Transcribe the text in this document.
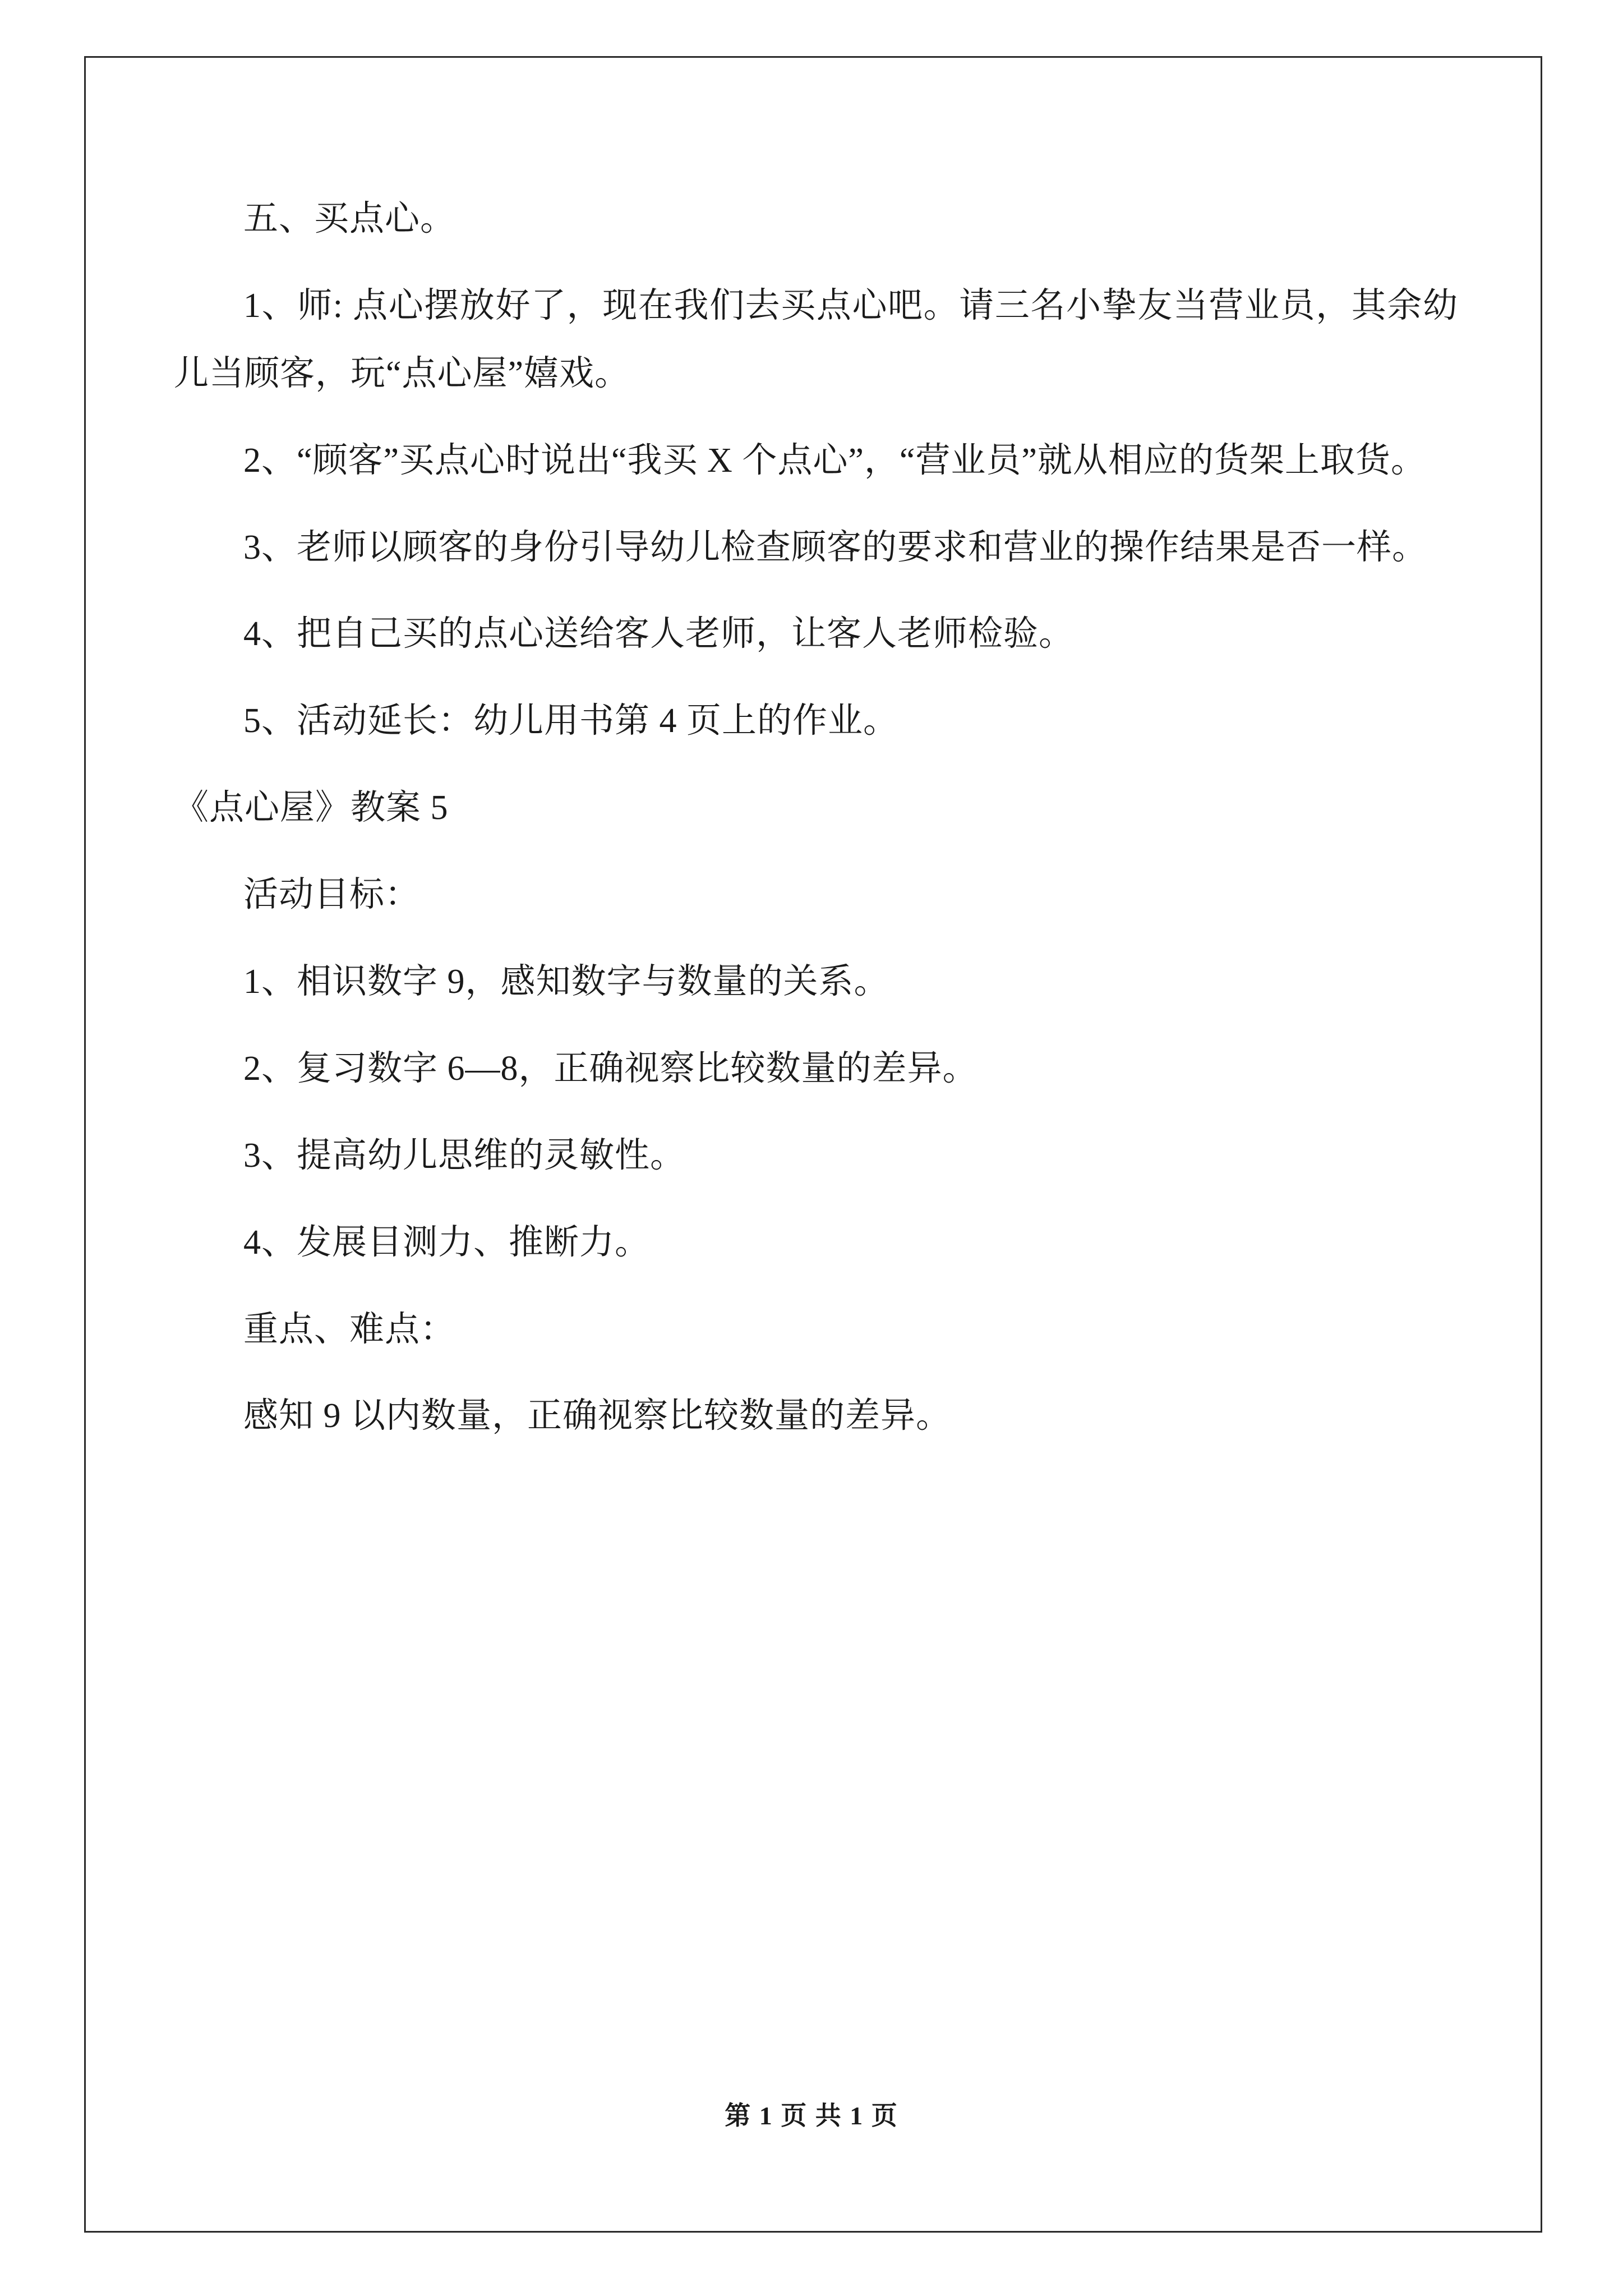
五、买点心。

1、师: 点心摆放好了，现在我们去买点心吧。请三名小挚友当营业员，其余幼儿当顾客，玩“点心屋”嬉戏。

2、“顾客”买点心时说出“我买 X 个点心”，“营业员”就从相应的货架上取货。

3、老师以顾客的身份引导幼儿检查顾客的要求和营业的操作结果是否一样。

4、把自己买的点心送给客人老师，让客人老师检验。

5、活动延长：幼儿用书第 4 页上的作业。

《点心屋》教案 5

活动目标：

1、相识数字 9，感知数字与数量的关系。

2、复习数字 6—8，正确视察比较数量的差异。

3、提高幼儿思维的灵敏性。

4、发展目测力、推断力。

重点、难点：

感知 9 以内数量，正确视察比较数量的差异。

第 1 页 共 1 页
